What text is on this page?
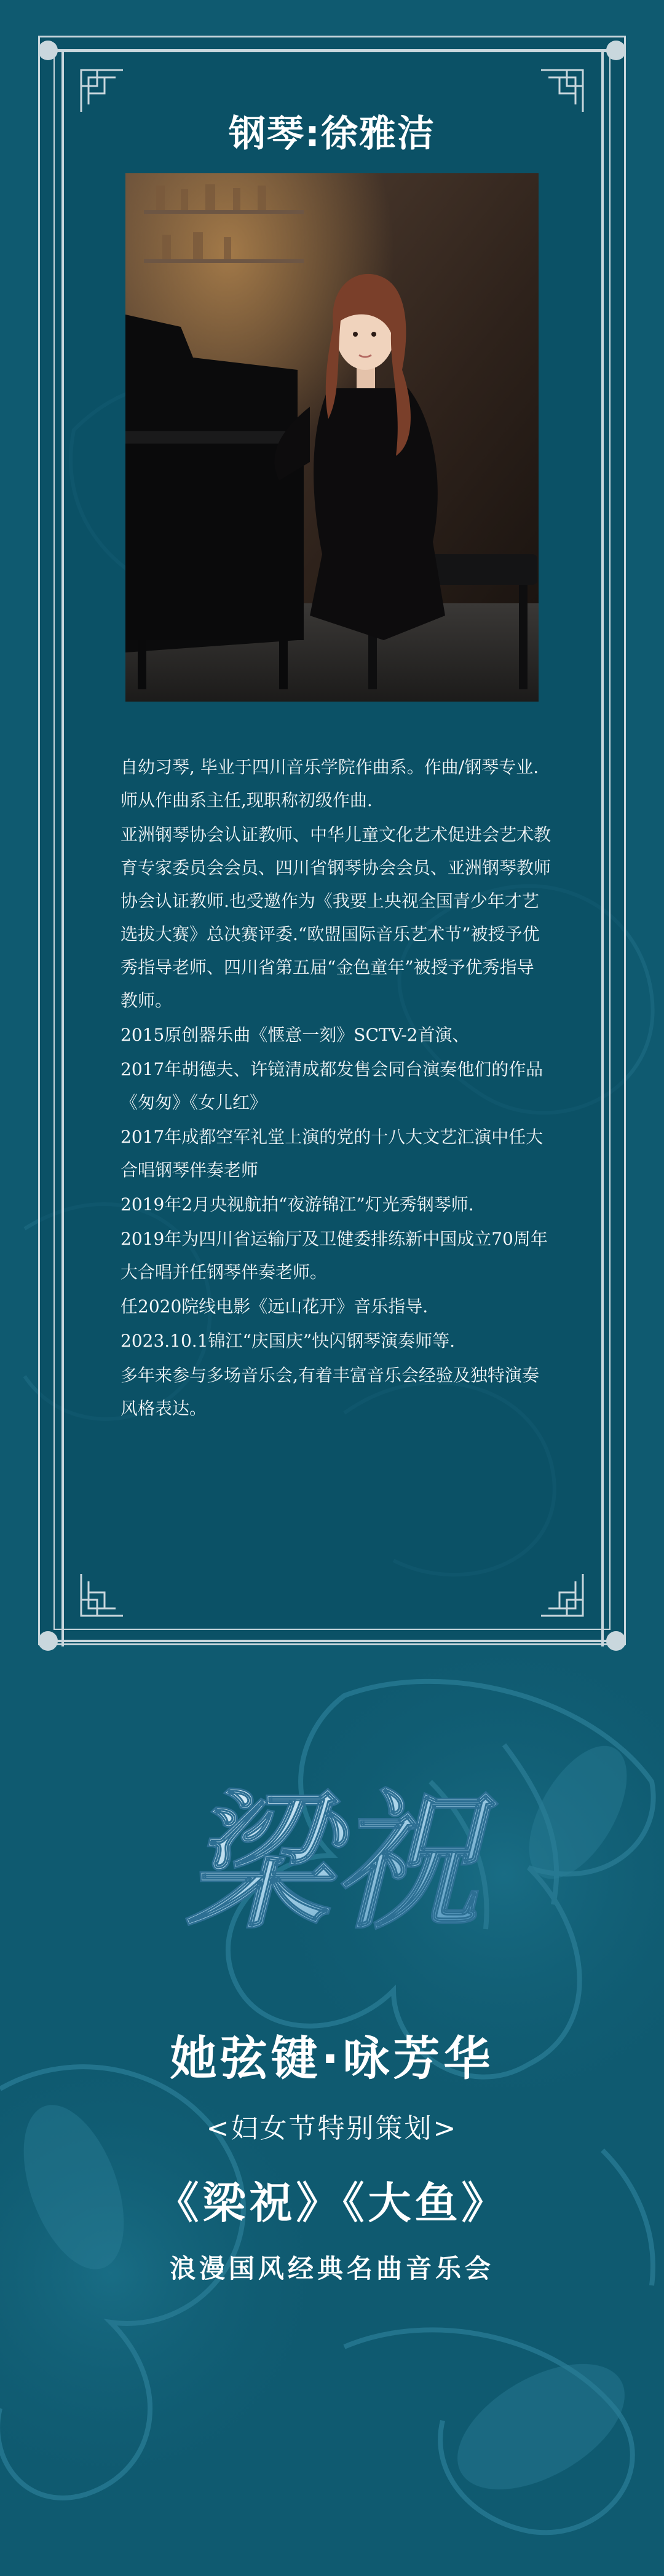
钢琴:徐雅洁

自幼习琴, 毕业于四川音乐学院作曲系。作曲/钢琴专业.师从作曲系主任,现职称初级作曲.

亚洲钢琴协会认证教师、中华儿童文化艺术促进会艺术教育专家委员会会员、四川省钢琴协会会员、亚洲钢琴教师协会认证教师.也受邀作为《我要上央视全国青少年才艺选拔大赛》总决赛评委.“欧盟国际音乐艺术节”被授予优秀指导老师、四川省第五届“金色童年”被授予优秀指导教师。

2015原创器乐曲《惬意一刻》SCTV-2首演、

2017年胡德夫、许镜清成都发售会同台演奏他们的作品《匆匆》《女儿红》

2017年成都空军礼堂上演的党的十八大文艺汇演中任大合唱钢琴伴奏老师

2019年2月央视航拍“夜游锦江”灯光秀钢琴师.

2019年为四川省运输厅及卫健委排练新中国成立70周年大合唱并任钢琴伴奏老师。

任2020院线电影《远山花开》音乐指导.

2023.10.1锦江“庆国庆”快闪钢琴演奏师等.

多年来参与多场音乐会,有着丰富音乐会经验及独特演奏风格表达。

梁祝
她弦键·咏芳华
<妇女节特别策划>
《梁祝》《大鱼》
浪漫国风经典名曲音乐会
